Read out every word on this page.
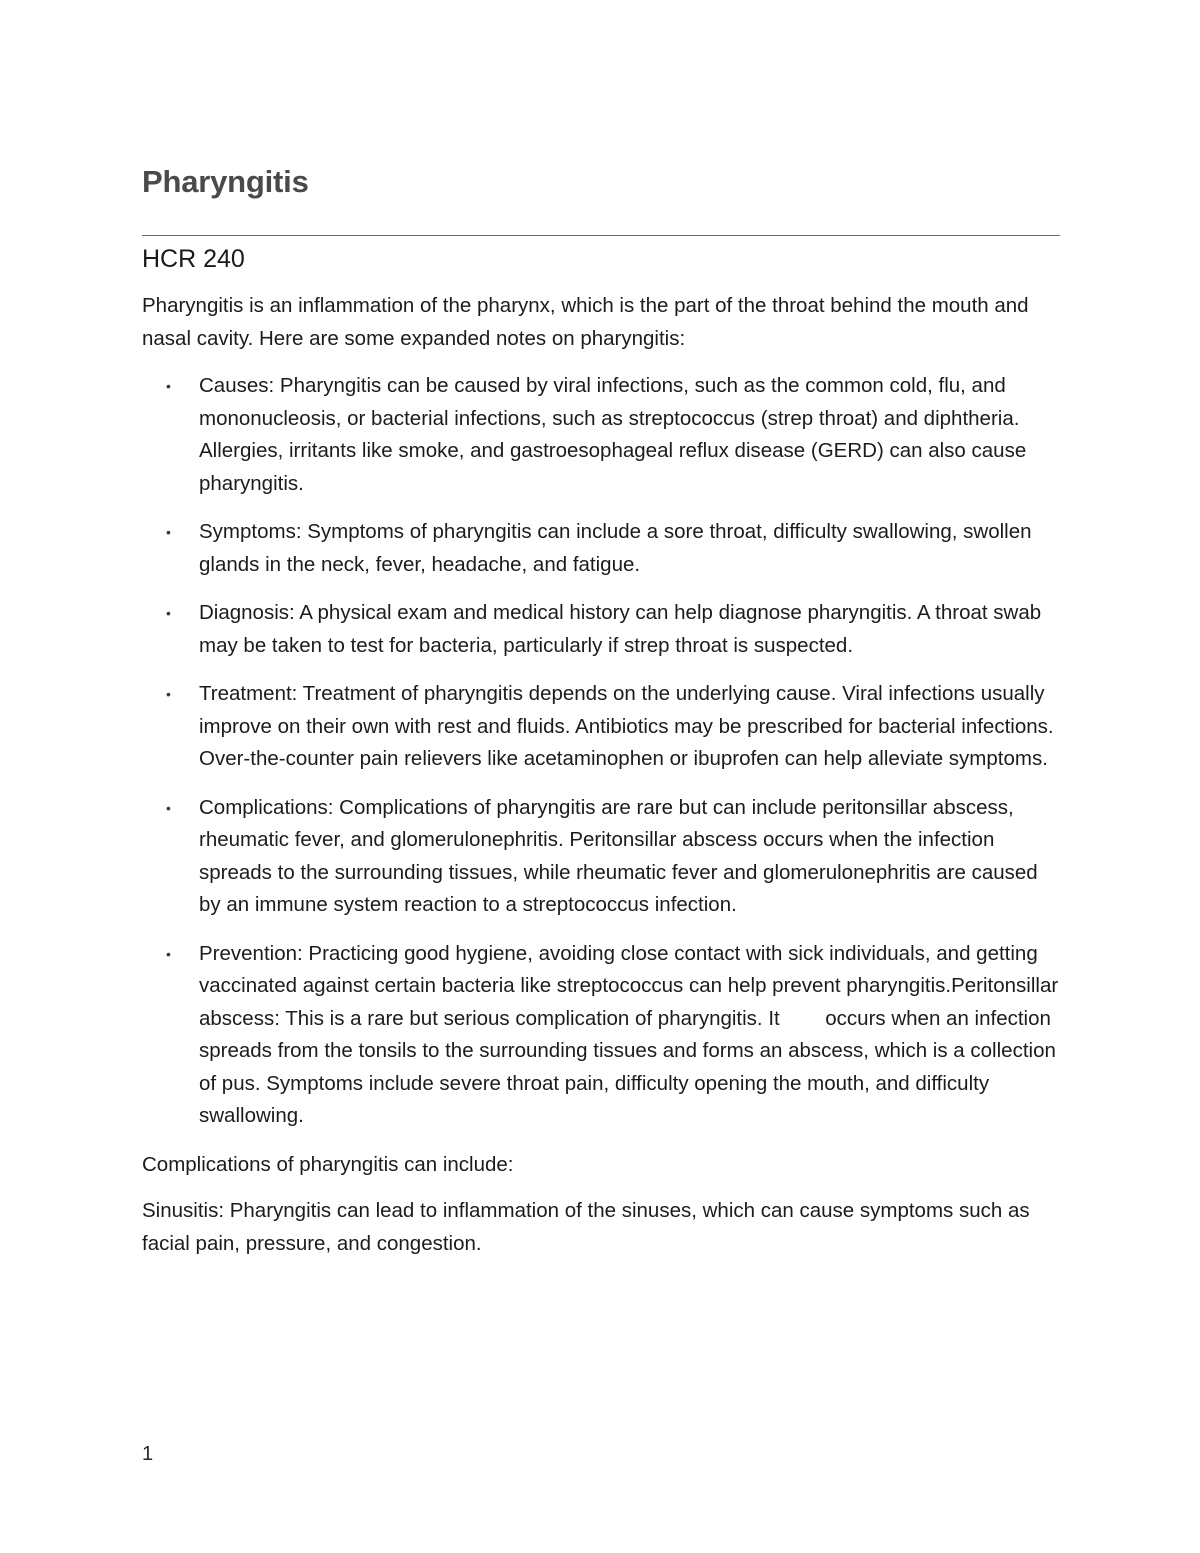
Pharyngitis
HCR 240

Pharyngitis is an inflammation of the pharynx, which is the part of the throat behind the mouth and nasal cavity. Here are some expanded notes on pharyngitis:

• Causes: Pharyngitis can be caused by viral infections, such as the common cold, flu, and mononucleosis, or bacterial infections, such as streptococcus (strep throat) and diphtheria. Allergies, irritants like smoke, and gastroesophageal reflux disease (GERD) can also cause pharyngitis.
• Symptoms: Symptoms of pharyngitis can include a sore throat, difficulty swallowing, swollen glands in the neck, fever, headache, and fatigue.
• Diagnosis: A physical exam and medical history can help diagnose pharyngitis. A throat swab may be taken to test for bacteria, particularly if strep throat is suspected.
• Treatment: Treatment of pharyngitis depends on the underlying cause. Viral infections usually improve on their own with rest and fluids. Antibiotics may be prescribed for bacterial infections. Over-the-counter pain relievers like acetaminophen or ibuprofen can help alleviate symptoms.
• Complications: Complications of pharyngitis are rare but can include peritonsillar abscess, rheumatic fever, and glomerulonephritis. Peritonsillar abscess occurs when the infection spreads to the surrounding tissues, while rheumatic fever and glomerulonephritis are caused by an immune system reaction to a streptococcus infection.
• Prevention: Practicing good hygiene, avoiding close contact with sick individuals, and getting vaccinated against certain bacteria like streptococcus can help prevent pharyngitis.Peritonsillar abscess: This is a rare but serious complication of pharyngitis. It        occurs when an infection spreads from the tonsils to the surrounding tissues and forms an abscess, which is a collection of pus. Symptoms include severe throat pain, difficulty opening the mouth, and difficulty swallowing.

Complications of pharyngitis can include:

Sinusitis: Pharyngitis can lead to inflammation of the sinuses, which can cause symptoms such as facial pain, pressure, and congestion.

1
